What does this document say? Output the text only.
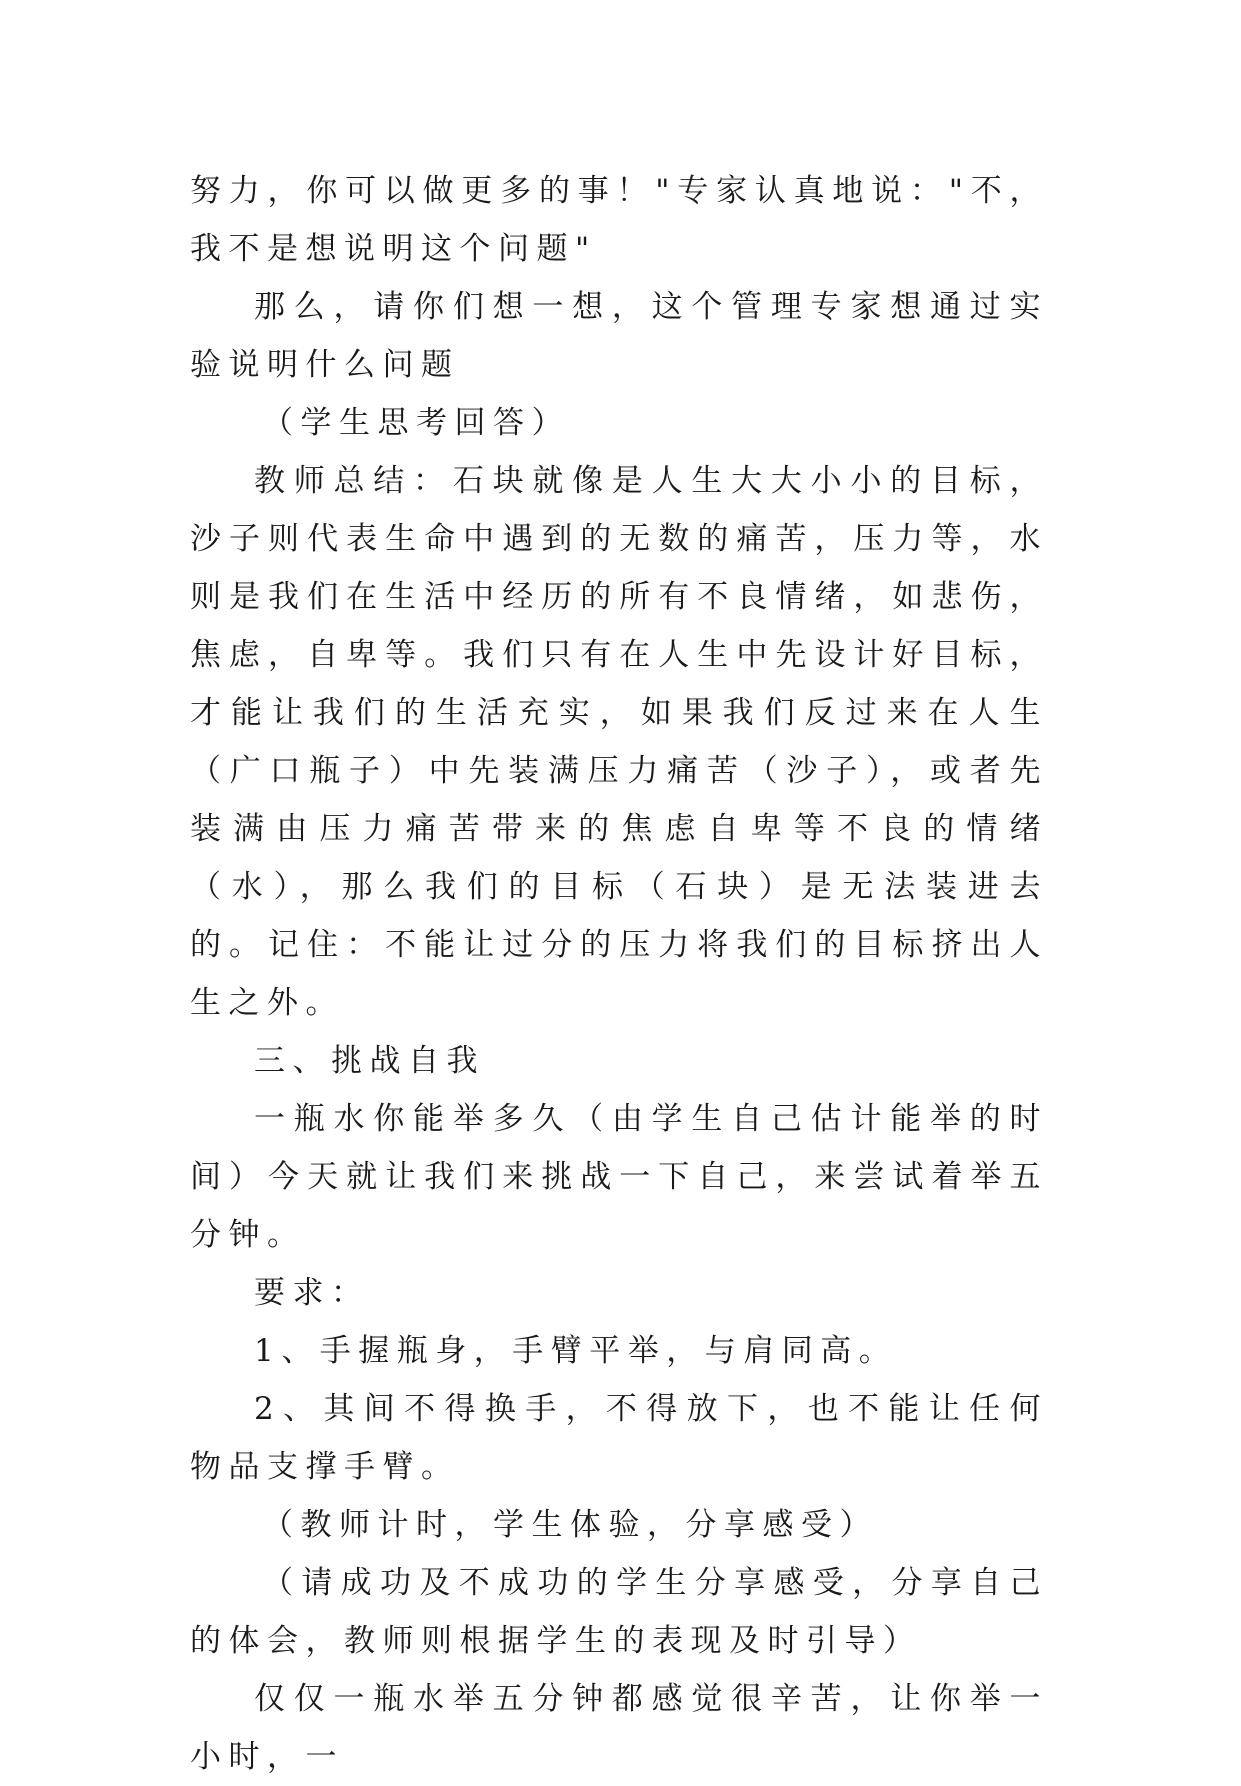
努力，你可以做更多的事！"专家认真地说："不，我不是想说明这个问题"

那么，请你们想一想，这个管理专家想通过实验说明什么问题

（学生思考回答）

教师总结：石块就像是人生大大小小的目标，沙子则代表生命中遇到的无数的痛苦，压力等，水则是我们在生活中经历的所有不良情绪，如悲伤，焦虑，自卑等。我们只有在人生中先设计好目标，才能让我们的生活充实，如果我们反过来在人生（广口瓶子）中先装满压力痛苦（沙子），或者先装满由压力痛苦带来的焦虑自卑等不良的情绪（水），那么我们的目标（石块）是无法装进去的。记住：不能让过分的压力将我们的目标挤出人生之外。

三、挑战自我

一瓶水你能举多久（由学生自己估计能举的时间）今天就让我们来挑战一下自己，来尝试着举五分钟。

要求：

1、手握瓶身，手臂平举，与肩同高。

2、其间不得换手，不得放下，也不能让任何物品支撑手臂。

（教师计时，学生体验，分享感受）

（请成功及不成功的学生分享感受，分享自己的体会，教师则根据学生的表现及时引导）

仅仅一瓶水举五分钟都感觉很辛苦，让你举一小时，一
